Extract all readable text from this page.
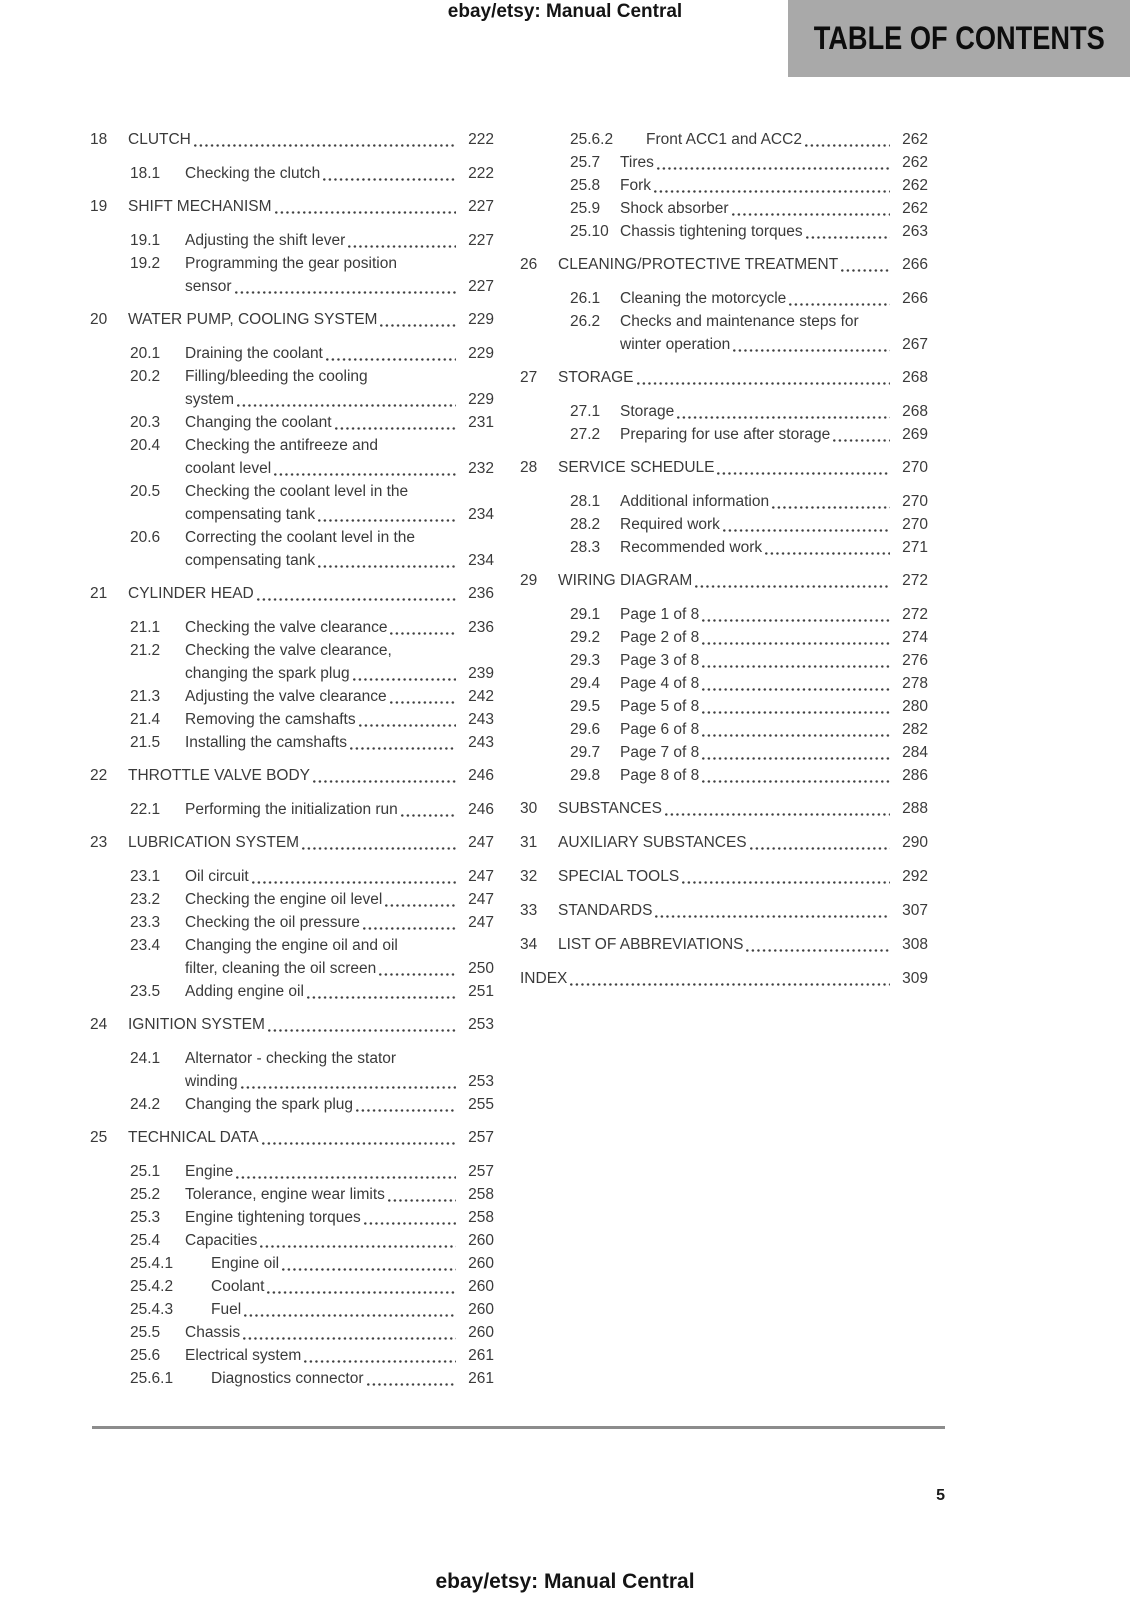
ebay/etsy: Manual Central
TABLE OF CONTENTS
18	CLUTCH	222
18.1	Checking the clutch	222
19	SHIFT MECHANISM	227
19.1	Adjusting the shift lever	227
19.2	Programming the gear position
sensor	227
20	WATER PUMP, COOLING SYSTEM	229
20.1	Draining the coolant	229
20.2	Filling/bleeding the cooling
system	229
20.3	Changing the coolant	231
20.4	Checking the antifreeze and
coolant level	232
20.5	Checking the coolant level in the
compensating tank	234
20.6	Correcting the coolant level in the
compensating tank	234
21	CYLINDER HEAD	236
21.1	Checking the valve clearance	236
21.2	Checking the valve clearance,
changing the spark plug	239
21.3	Adjusting the valve clearance	242
21.4	Removing the camshafts	243
21.5	Installing the camshafts	243
22	THROTTLE VALVE BODY	246
22.1	Performing the initialization run	246
23	LUBRICATION SYSTEM	247
23.1	Oil circuit	247
23.2	Checking the engine oil level	247
23.3	Checking the oil pressure	247
23.4	Changing the engine oil and oil
filter, cleaning the oil screen	250
23.5	Adding engine oil	251
24	IGNITION SYSTEM	253
24.1	Alternator - checking the stator
winding	253
24.2	Changing the spark plug	255
25	TECHNICAL DATA	257
25.1	Engine	257
25.2	Tolerance, engine wear limits	258
25.3	Engine tightening torques	258
25.4	Capacities	260
25.4.1	Engine oil	260
25.4.2	Coolant	260
25.4.3	Fuel	260
25.5	Chassis	260
25.6	Electrical system	261
25.6.1	Diagnostics connector	261
25.6.2	Front ACC1 and ACC2	262
25.7	Tires	262
25.8	Fork	262
25.9	Shock absorber	262
25.10 Chassis tightening torques	263
26	CLEANING/PROTECTIVE TREATMENT	266
26.1	Cleaning the motorcycle	266
26.2	Checks and maintenance steps for
winter operation	267
27	STORAGE	268
27.1	Storage	268
27.2	Preparing for use after storage	269
28	SERVICE SCHEDULE	270
28.1	Additional information	270
28.2	Required work	270
28.3	Recommended work	271
29	WIRING DIAGRAM	272
29.1	Page 1 of 8	272
29.2	Page 2 of 8	274
29.3	Page 3 of 8	276
29.4	Page 4 of 8	278
29.5	Page 5 of 8	280
29.6	Page 6 of 8	282
29.7	Page 7 of 8	284
29.8	Page 8 of 8	286
30	SUBSTANCES	288
31	AUXILIARY SUBSTANCES	290
32	SPECIAL TOOLS	292
33	STANDARDS	307
34	LIST OF ABBREVIATIONS	308
INDEX	309
5
ebay/etsy: Manual Central
